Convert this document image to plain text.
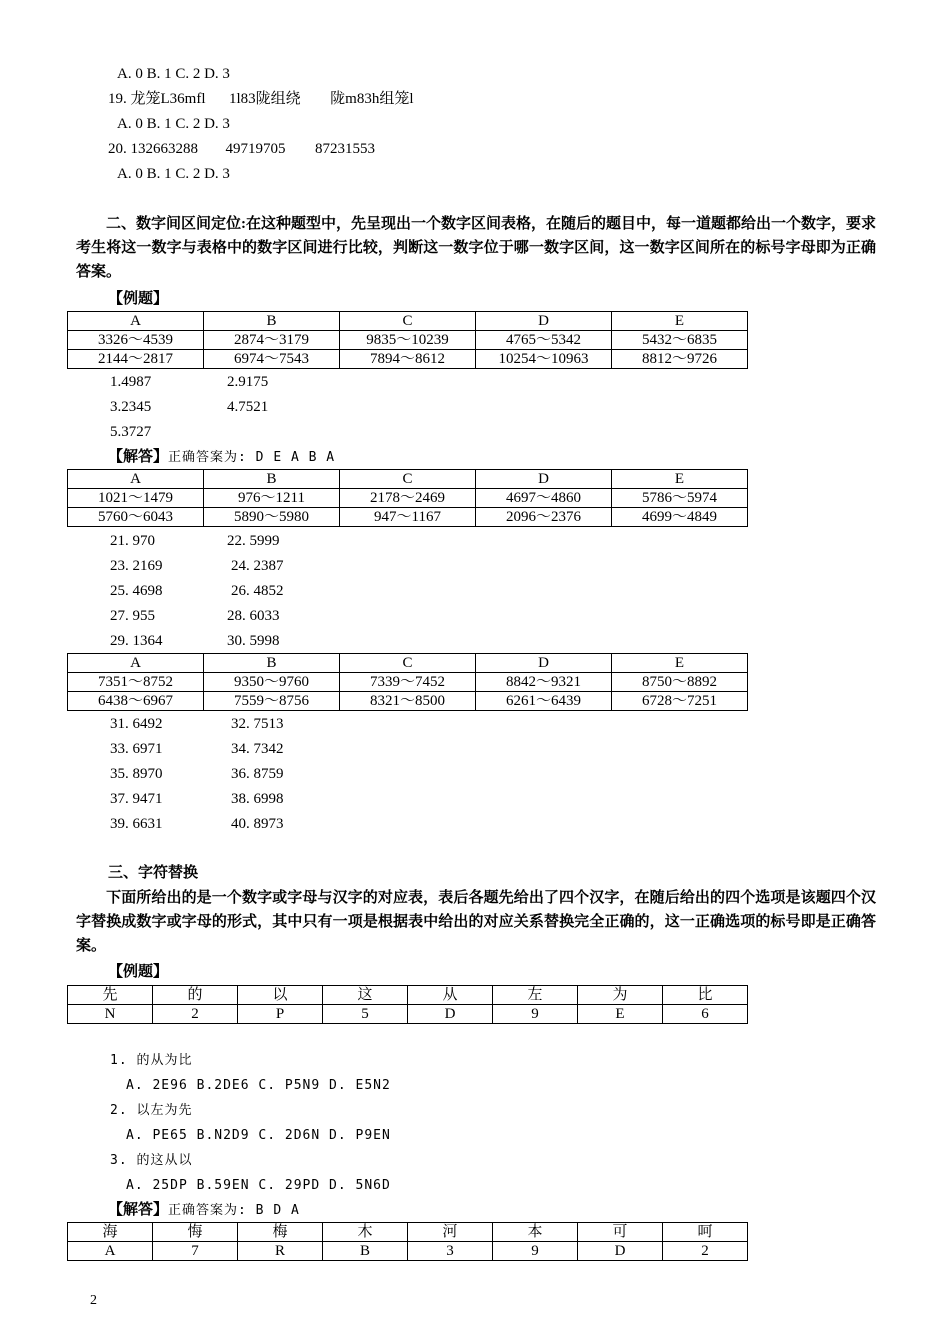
A. 0 B. 1 C. 2 D. 3
19. 龙笼L36mfl 1l83陇组绕 陇m83h组笼l
A. 0 B. 1 C. 2 D. 3
20. 132663288 49719705 87231553
A. 0 B. 1 C. 2 D. 3
二、数字间区间定位:在这种题型中，先呈现出一个数字区间表格，在随后的题目中，每一道题都给出一个数字，要求考生将这一数字与表格中的数字区间进行比较，判断这一数字位于哪一数字区间，这一数字区间所在的标号字母即为正确答案。
【例题】
A	B	C	D	E
3326～4539	2874～3179	9835～10239	4765～5342	5432～6835
2144～2817	6974～7543	7894～8612	10254～10963	8812～9726
1.4987	2.9175
3.2345	4.7521
5.3727
【解答】正确答案为: D E A B A
A	B	C	D	E
1021～1479	976～1211	2178～2469	4697～4860	5786～5974
5760～6043	5890～5980	947～1167	2096～2376	4699～4849
21. 970	22. 5999
23. 2169	24. 2387
25. 4698	26. 4852
27. 955	28. 6033
29. 1364	30. 5998
A	B	C	D	E
7351～8752	9350～9760	7339～7452	8842～9321	8750～8892
6438～6967	7559～8756	8321～8500	6261～6439	6728～7251
31. 6492	32. 7513
33. 6971	34. 7342
35. 8970	36. 8759
37. 9471	38. 6998
39. 6631	40. 8973
三、字符替换
下面所给出的是一个数字或字母与汉字的对应表，表后各题先给出了四个汉字，在随后给出的四个选项是该题四个汉字替换成数字或字母的形式，其中只有一项是根据表中给出的对应关系替换完全正确的，这一正确选项的标号即是正确答案。
【例题】
先	的	以	这	从	左	为	比
N	2	P	5	D	9	E	6
1. 的从为比
A. 2E96 B.2DE6 C. P5N9 D. E5N2
2. 以左为先
A. PE65 B.N2D9 C. 2D6N D. P9EN
3. 的这从以
A. 25DP B.59EN C. 29PD D. 5N6D
【解答】正确答案为: B D A
海	悔	梅	木	河	本	可	呵
A	7	R	B	3	9	D	2
2
